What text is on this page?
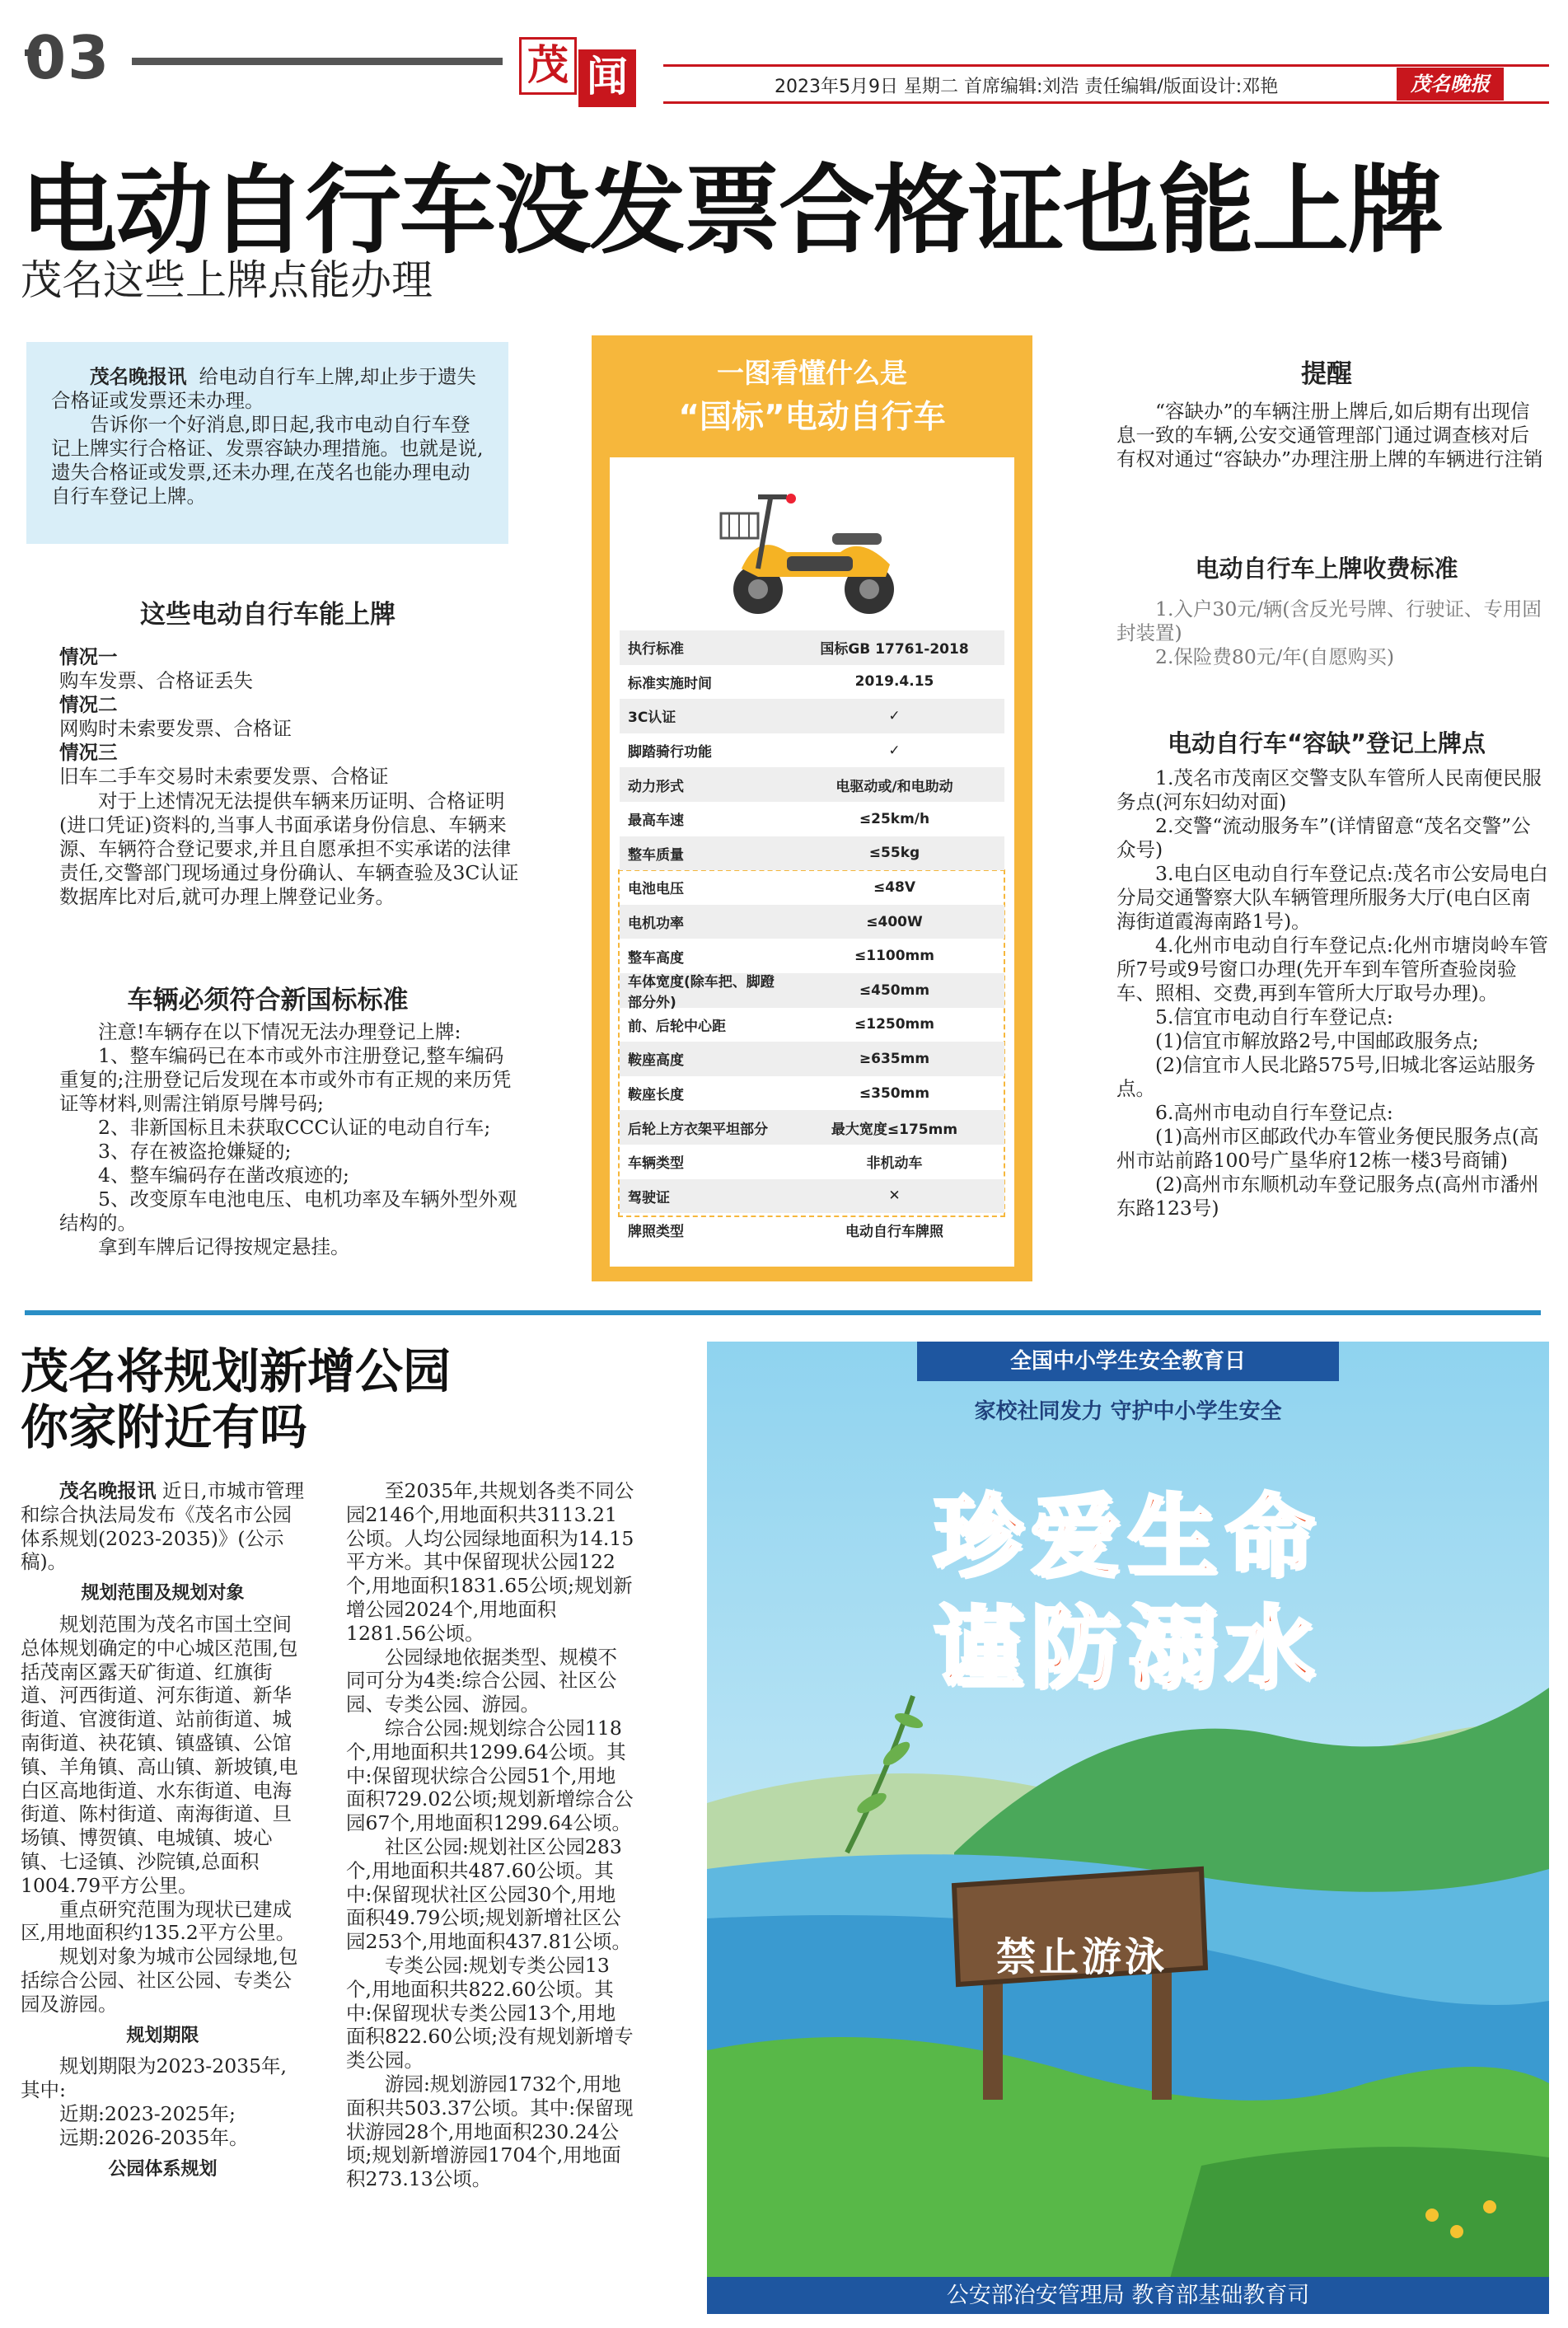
03	茂 闻	2023年5月9日 星期二 首席编辑:刘浩 责任编辑/版面设计:邓艳	茂名晚报
电动自行车没发票合格证也能上牌
茂名这些上牌点能办理

茂名晚报讯 给电动自行车上牌,却止步于遗失合格证或发票还未办理。

告诉你一个好消息,即日起,我市电动自行车登记上牌实行合格证、发票容缺办理措施。也就是说,遗失合格证或发票,还未办理,在茂名也能办理电动自行车登记上牌。

这些电动自行车能上牌
情况一
购车发票、合格证丢失
情况二
网购时未索要发票、合格证
情况三
旧车二手车交易时未索要发票、合格证
对于上述情况无法提供车辆来历证明、合格证明(进口凭证)资料的,当事人书面承诺身份信息、车辆来源、车辆符合登记要求,并且自愿承担不实承诺的法律责任,交警部门现场通过身份确认、车辆查验及3C认证数据库比对后,就可办理上牌登记业务。
车辆必须符合新国标标准

注意!车辆存在以下情况无法办理登记上牌:

1、整车编码已在本市或外市注册登记,整车编码重复的;注册登记后发现在本市或外市有正规的来历凭证等材料,则需注销原号牌号码;

2、非新国标且未获取CCC认证的电动自行车;

3、存在被盗抢嫌疑的;

4、整车编码存在凿改痕迹的;

5、改变原车电池电压、电机功率及车辆外型外观结构的。

拿到车牌后记得按规定悬挂。

一图看懂什么是
“国标”电动自行车
执行标准	国标GB 17761-2018
标准实施时间	2019.4.15
3C认证	✓
脚踏骑行功能	✓
动力形式	电驱动或/和电助动
最高车速	≤25km/h
整车质量	≤55kg
电池电压	≤48V
电机功率	≤400W
整车高度	≤1100mm
车体宽度(除车把、脚蹬部分外)
≤450mm
前、后轮中心距	≤1250mm
鞍座高度	≥635mm
鞍座长度	≤350mm
后轮上方衣架平坦部分	最大宽度≤175mm
车辆类型	非机动车
驾驶证	✕
牌照类型	电动自行车牌照
提醒
“容缺办”的车辆注册上牌后,如后期有出现信息一致的车辆,公安交通管理部门通过调查核对后有权对通过“容缺办”办理注册上牌的车辆进行注销
电动自行车上牌收费标准

1.入户30元/辆(含反光号牌、行驶证、专用固封装置)

2.保险费80元/年(自愿购买)

电动自行车“容缺”登记上牌点

1.茂名市茂南区交警支队车管所人民南便民服务点(河东妇幼对面)

2.交警“流动服务车”(详情留意“茂名交警”公众号)

3.电白区电动自行车登记点:茂名市公安局电白分局交通警察大队车辆管理所服务大厅(电白区南海街道霞海南路1号)。

4.化州市电动自行车登记点:化州市塘岗岭车管所7号或9号窗口办理(先开车到车管所查验岗验车、照相、交费,再到车管所大厅取号办理)。

5.信宜市电动自行车登记点:

(1)信宜市解放路2号,中国邮政服务点;

(2)信宜市人民北路575号,旧城北客运站服务点。

6.高州市电动自行车登记点:

(1)高州市区邮政代办车管业务便民服务点(高州市站前路100号广垦华府12栋一楼3号商铺)

(2)高州市东顺机动车登记服务点(高州市潘州东路123号)

茂名将规划新增公园
你家附近有吗

茂名晚报讯 近日,市城市管理和综合执法局发布《茂名市公园体系规划(2023-2035)》(公示稿)。

规划范围及规划对象

规划范围为茂名市国土空间总体规划确定的中心城区范围,包括茂南区露天矿街道、红旗街道、河西街道、河东街道、新华街道、官渡街道、站前街道、城南街道、袂花镇、镇盛镇、公馆镇、羊角镇、高山镇、新坡镇,电白区高地街道、水东街道、电海街道、陈村街道、南海街道、旦场镇、博贺镇、电城镇、坡心镇、七迳镇、沙院镇,总面积1004.79平方公里。

重点研究范围为现状已建成区,用地面积约135.2平方公里。

规划对象为城市公园绿地,包括综合公园、社区公园、专类公园及游园。

规划期限

规划期限为2023-2035年,其中:

近期:2023-2025年;

远期:2026-2035年。

公园体系规划

至2035年,共规划各类不同公园2146个,用地面积共3113.21公顷。人均公园绿地面积为14.15平方米。其中保留现状公园122个,用地面积1831.65公顷;规划新增公园2024个,用地面积1281.56公顷。

公园绿地依据类型、规模不同可分为4类:综合公园、社区公园、专类公园、游园。

综合公园:规划综合公园118个,用地面积共1299.64公顷。其中:保留现状综合公园51个,用地面积729.02公顷;规划新增综合公园67个,用地面积1299.64公顷。

社区公园:规划社区公园283个,用地面积共487.60公顷。其中:保留现状社区公园30个,用地面积49.79公顷;规划新增社区公园253个,用地面积437.81公顷。

专类公园:规划专类公园13个,用地面积共822.60公顷。其中:保留现状专类公园13个,用地面积822.60公顷;没有规划新增专类公园。

游园:规划游园1732个,用地面积共503.37公顷。其中:保留现状游园28个,用地面积230.24公顷;规划新增游园1704个,用地面积273.13公顷。

全国中小学生安全教育日
家校社同发力 守护中小学生安全
珍爱生命
谨防溺水
禁止游泳
公安部治安管理局 教育部基础教育司
